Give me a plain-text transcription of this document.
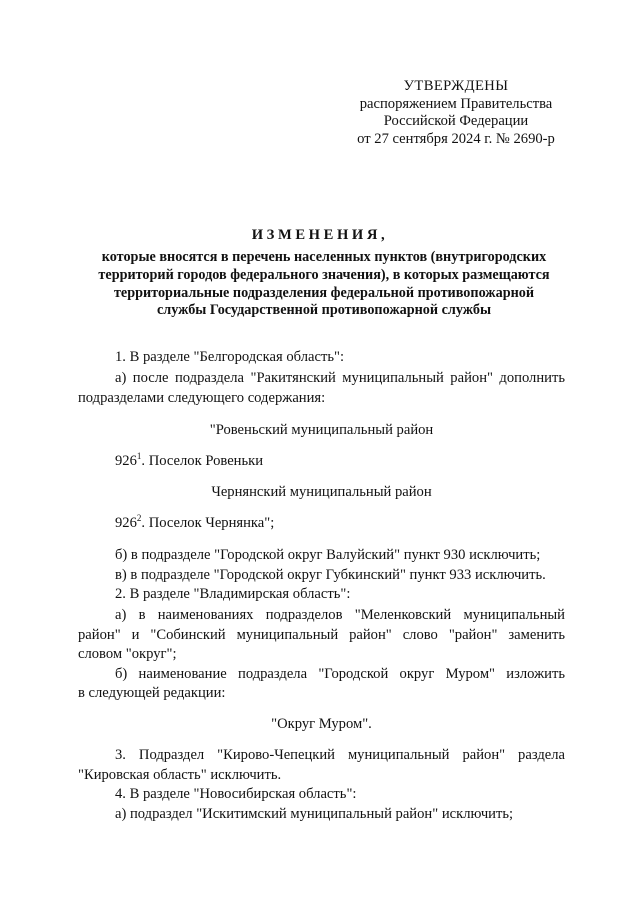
УТВЕРЖДЕНЫ
распоряжением Правительства
Российской Федерации
от 27 сентября 2024 г. № 2690-р
ИЗМЕНЕНИЯ,
которые вносятся в перечень населенных пунктов (внутригородских
территорий городов федерального значения), в которых размещаются
территориальные подразделения федеральной противопожарной
службы Государственной противопожарной службы
1. В разделе "Белгородская область":
а) после подраздела "Ракитянский муниципальный район" дополнить
подразделами следующего содержания:
"Ровеньский муниципальный район
$926^1$. Поселок Ровеньки
Чернянский муниципальный район
$926^2$. Поселок Чернянка";
б) в подразделе "Городской округ Валуйский" пункт 930 исключить;
в) в подразделе "Городской округ Губкинский" пункт 933 исключить.
2. В разделе "Владимирская область":
а) в наименованиях подразделов "Меленковский муниципальный
район" и "Собинский муниципальный район" слово "район" заменить
словом "округ";
б) наименование подраздела "Городской округ Муром" изложить
в следующей редакции:
"Округ Муром".
3. Подраздел "Кирово-Чепецкий муниципальный район" раздела
"Кировская область" исключить.
4. В разделе "Новосибирская область":
а) подраздел "Искитимский муниципальный район" исключить;
